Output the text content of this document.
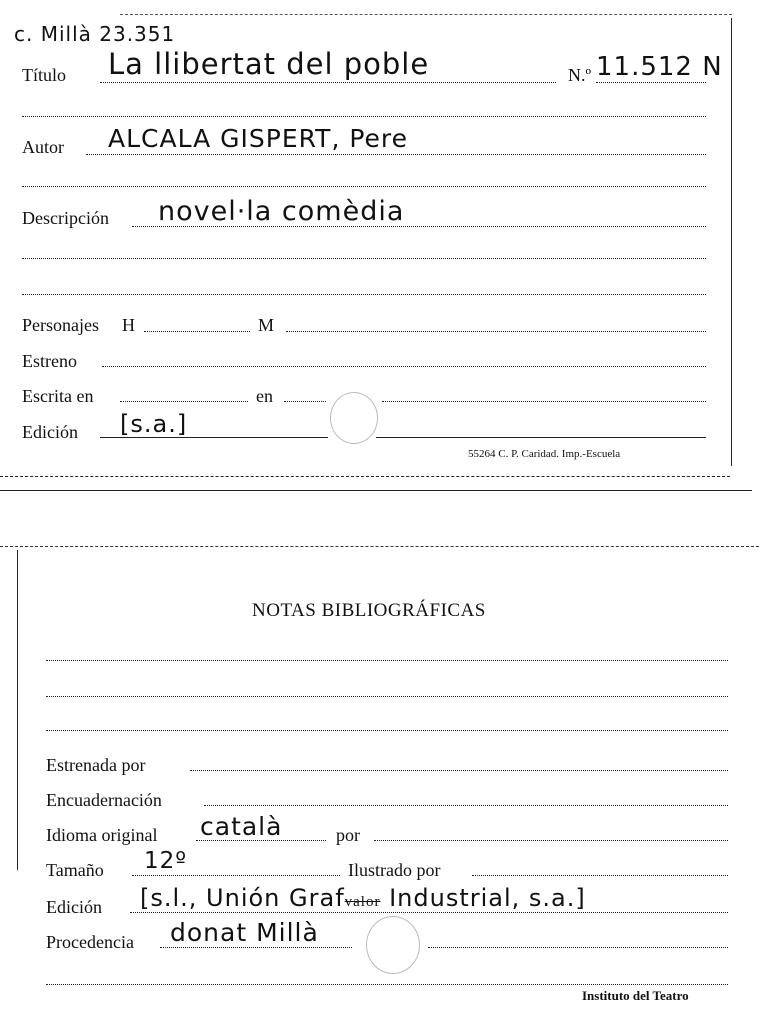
c. Millà 23.351
Título La llibertat del poble	N.º 11.512 N
Autor ALCALA GISPERT, Pere
Descripción novel·la comèdia
Personajes H	M
Estreno
Escrita en	en
Edición [s.a.]
55264 C. P. Caridad. Imp.-Escuela
NOTAS BIBLIOGRÁFICAS
Estrenada por
Encuadernación
Idioma original català	por
Tamaño 12º	Ilustrado por
Edición [s.l., Unión Grafvalor Industrial, s.a.]
Procedencia donat Millà
Instituto del Teatro
